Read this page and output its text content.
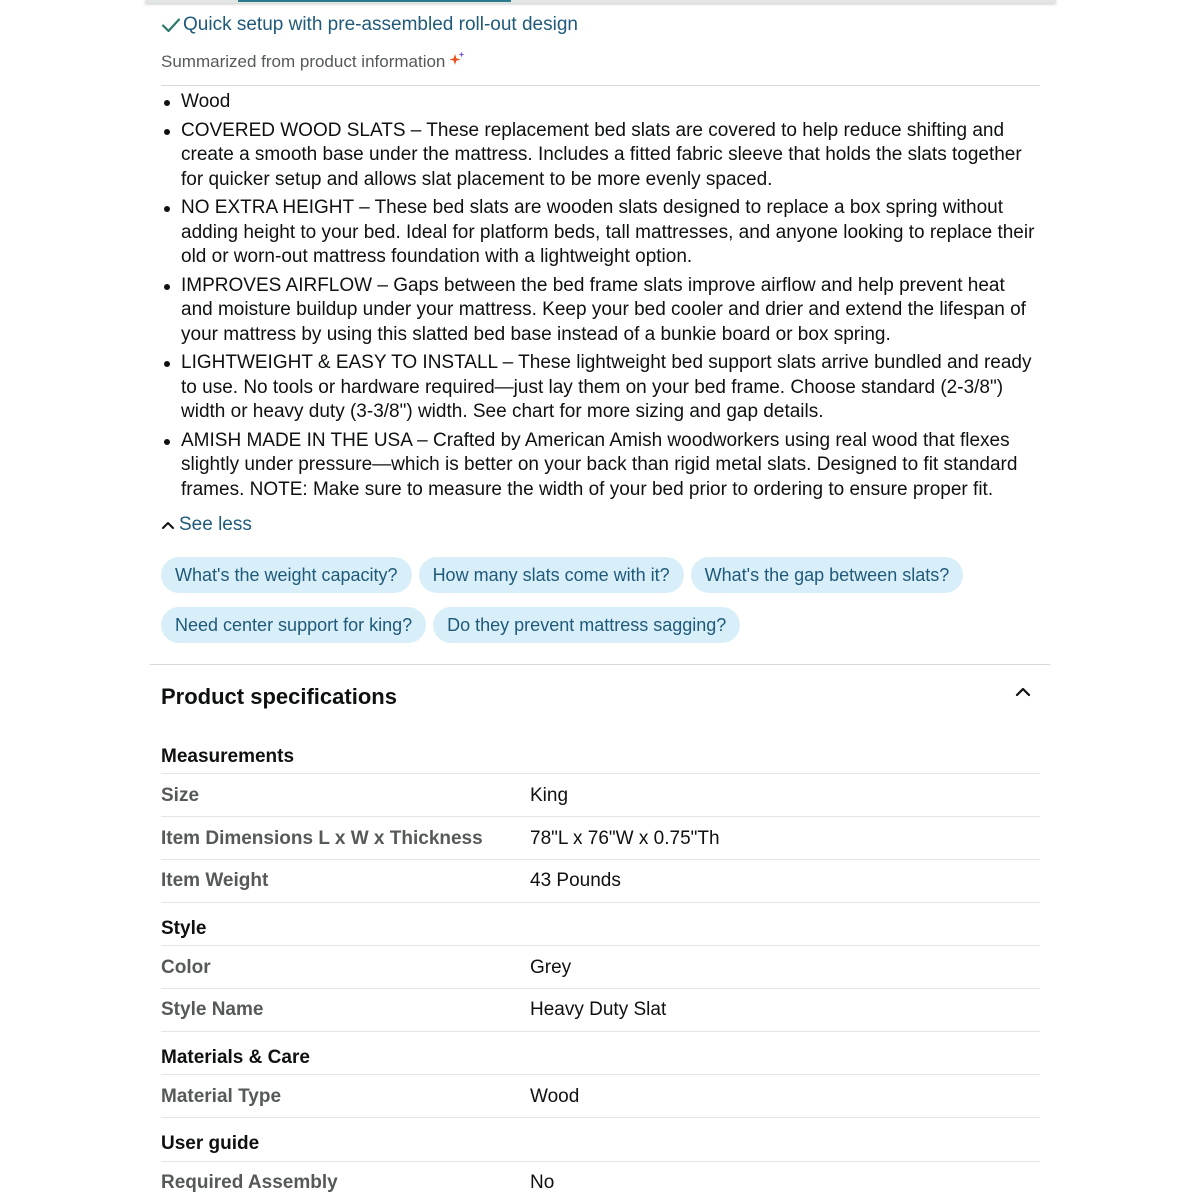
Quick setup with pre-assembled roll-out design
Summarized from product information
Wood
COVERED WOOD SLATS – These replacement bed slats are covered to help reduce shifting and create a smooth base under the mattress. Includes a fitted fabric sleeve that holds the slats together for quicker setup and allows slat placement to be more evenly spaced.
NO EXTRA HEIGHT – These bed slats are wooden slats designed to replace a box spring without adding height to your bed. Ideal for platform beds, tall mattresses, and anyone looking to replace their old or worn-out mattress foundation with a lightweight option.
IMPROVES AIRFLOW – Gaps between the bed frame slats improve airflow and help prevent heat and moisture buildup under your mattress. Keep your bed cooler and drier and extend the lifespan of your mattress by using this slatted bed base instead of a bunkie board or box spring.
LIGHTWEIGHT & EASY TO INSTALL – These lightweight bed support slats arrive bundled and ready to use. No tools or hardware required—just lay them on your bed frame. Choose standard (2-3/8") width or heavy duty (3-3/8") width. See chart for more sizing and gap details.
AMISH MADE IN THE USA – Crafted by American Amish woodworkers using real wood that flexes slightly under pressure—which is better on your back than rigid metal slats. Designed to fit standard frames. NOTE: Make sure to measure the width of your bed prior to ordering to ensure proper fit.
See less
What's the weight capacity?	How many slats come with it?	What's the gap between slats?
Need center support for king?	Do they prevent mattress sagging?
Product specifications
Measurements
Size	King
Item Dimensions L x W x Thickness	78"L x 76"W x 0.75"Th
Item Weight	43 Pounds
Style
Color	Grey
Style Name	Heavy Duty Slat
Materials & Care
Material Type	Wood
User guide
Required Assembly	No
